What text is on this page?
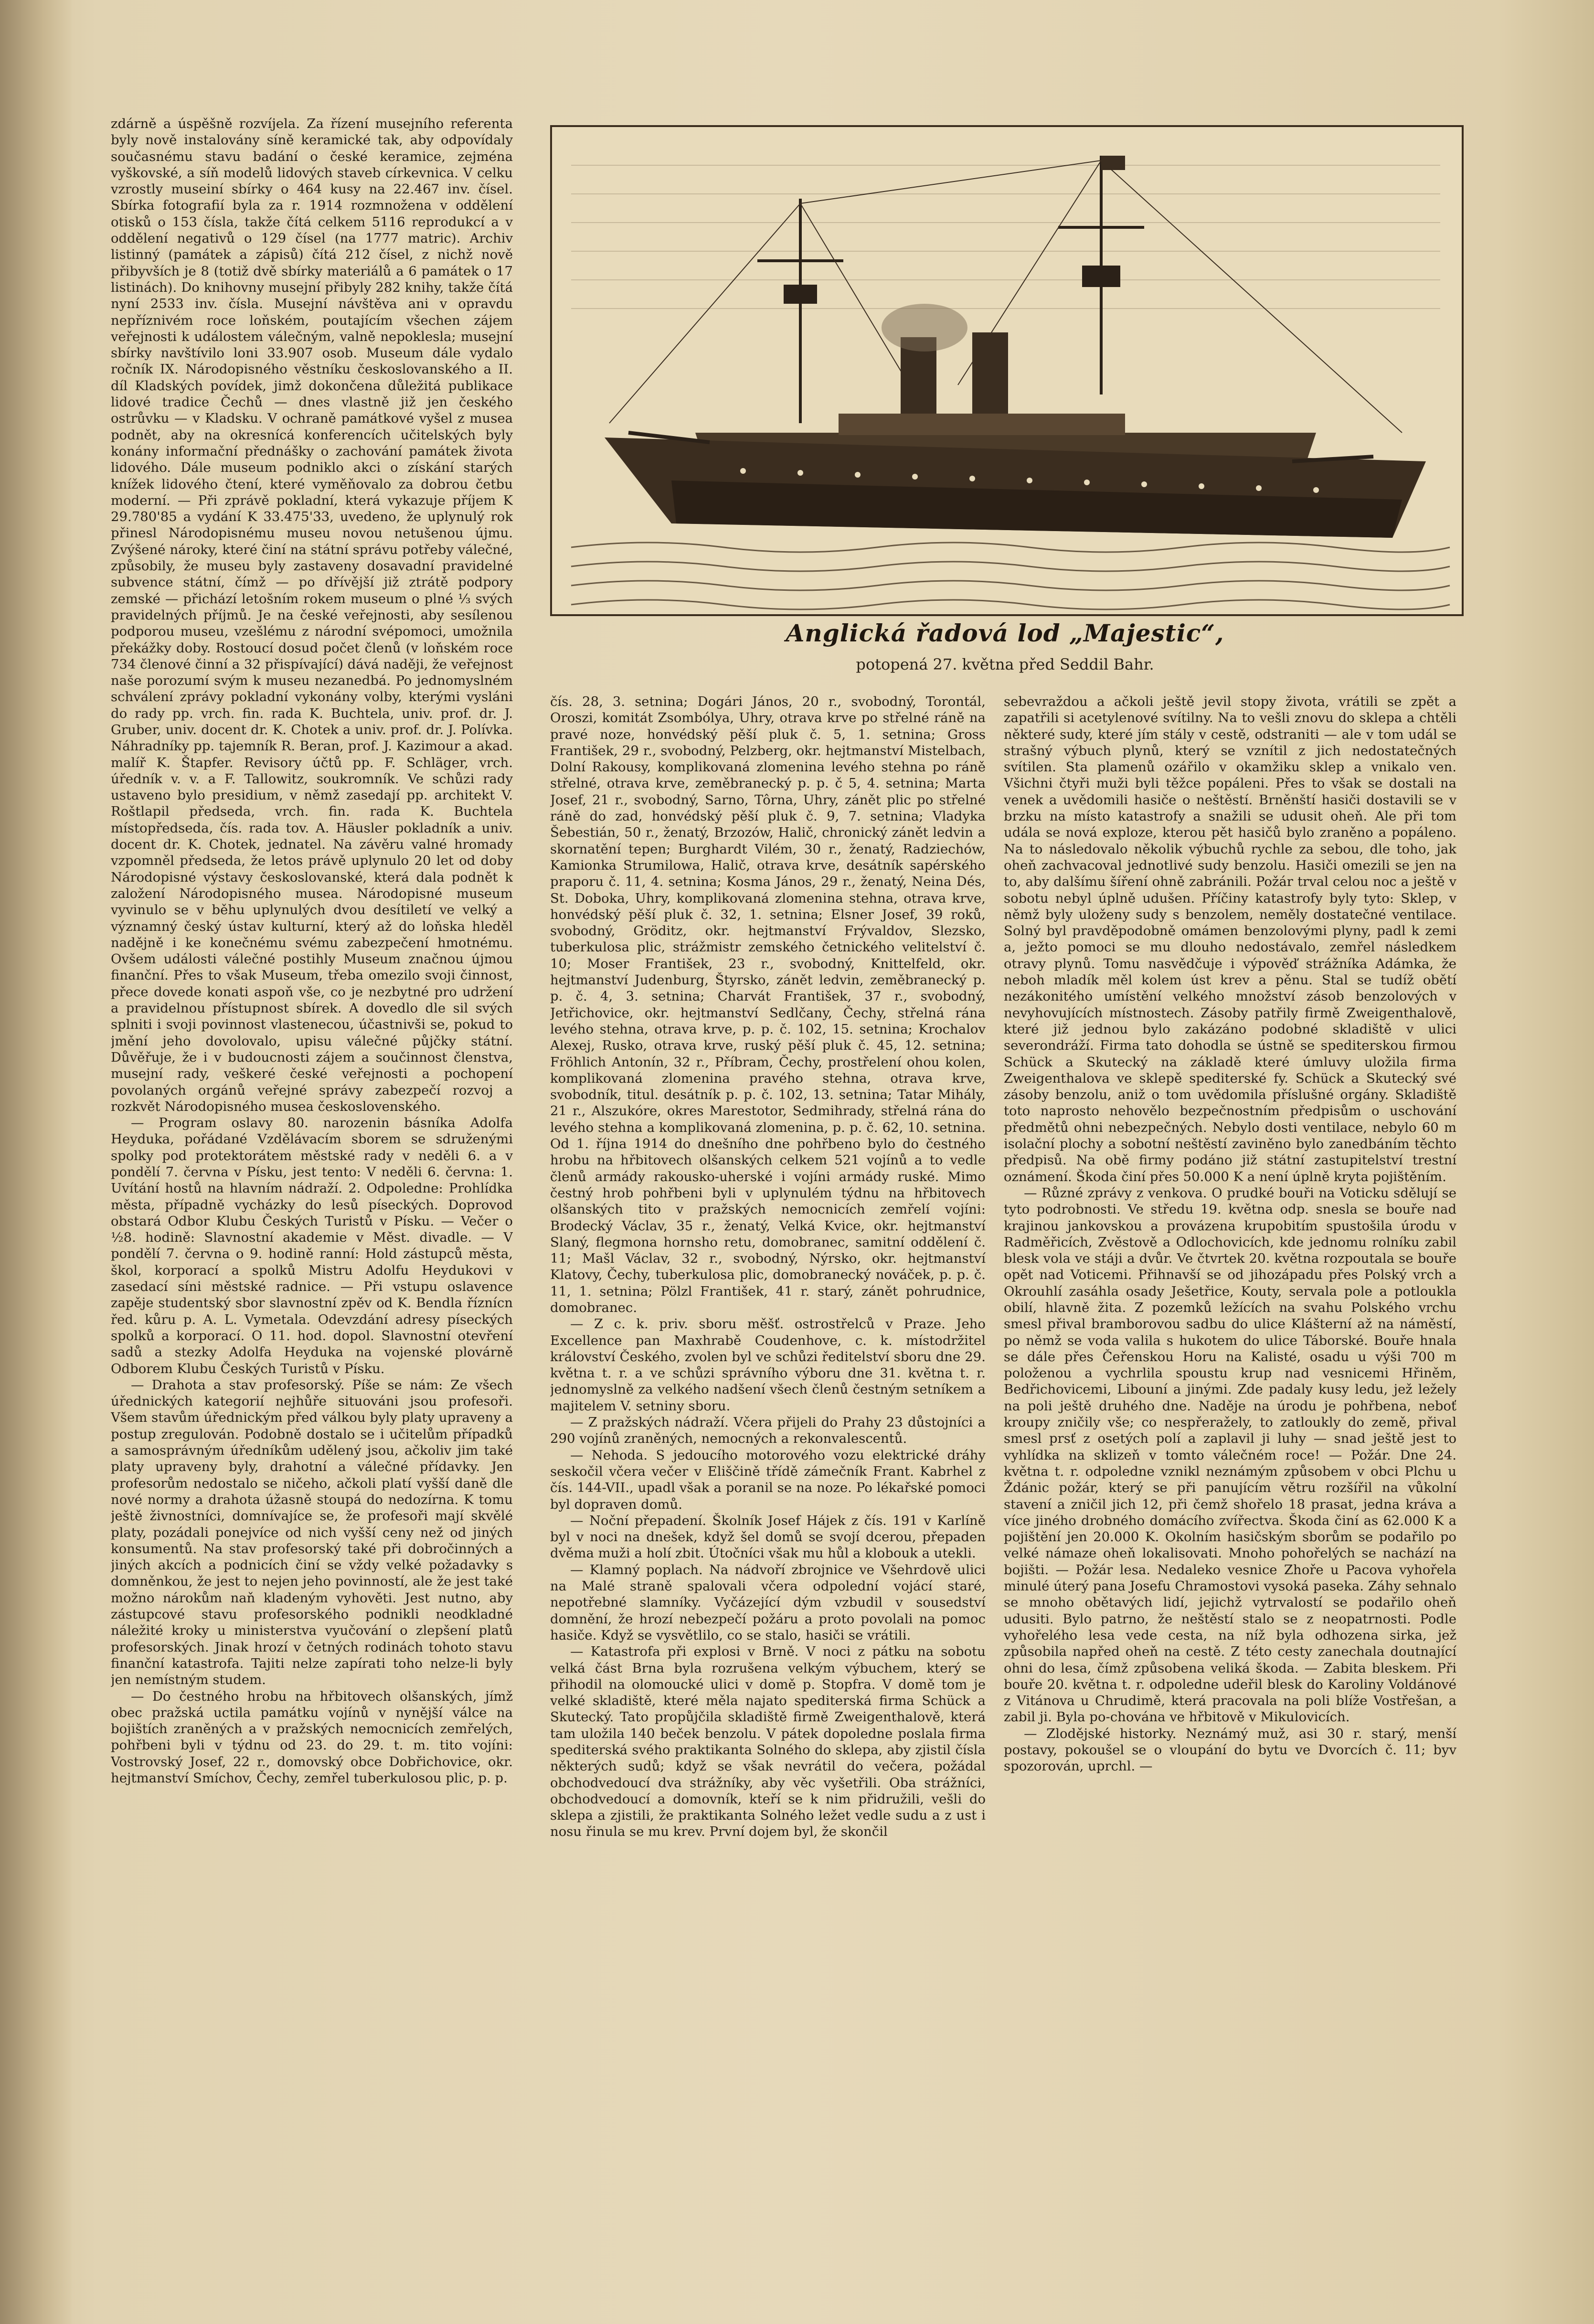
zdárně a úspěšně rozvíjela. Za řízení musejního referenta byly nově instalovány síně keramické tak, aby odpovídaly současnému stavu badání o české keramice, zejména vyškovské, a síň modelů lidových staveb církevnica. V celku vzrostly museiní sbírky o 464 kusy na 22.467 inv. čísel. Sbírka fotografií byla za r. 1914 rozmnožena v oddělení otisků o 153 čísla, takže čítá celkem 5116 reprodukcí a v oddělení negativů o 129 čísel (na 1777 matric). Archiv listinný (památek a zápisů) čítá 212 čísel, z nichž nově přibyvších je 8 (totiž dvě sbírky materiálů a 6 památek o 17 listinách). Do knihovny musejní přibyly 282 knihy, takže čítá nyní 2533 inv. čísla. Musejní návštěva ani v opravdu nepříznivém roce loňském, poutajícím všechen zájem veřejnosti k událostem válečným, valně nepoklesla; musejní sbírky navštívilo loni 33.907 osob. Museum dále vydalo ročník IX. Národopisného věstníku českoslovanského a II. díl Kladských povídek, jimž dokončena důležitá publikace lidové tradice Čechů — dnes vlastně již jen českého ostrůvku — v Kladsku. V ochraně památkové vyšel z musea podnět, aby na okresnícá konferencích učitelských byly konány informační přednášky o zachování památek života lidového. Dále museum podniklo akci o získání starých knížek lidového čtení, které vyměňovalo za dobrou četbu moderní. — Při zprávě pokladní, která vykazuje příjem K 29.780'85 a vydání K 33.475'33, uvedeno, že uplynulý rok přinesl Národopisnému museu novou netušenou újmu. Zvýšené nároky, které činí na státní správu potřeby válečné, způsobily, že museu byly zastaveny dosavadní pravidelné subvence státní, čímž — po dřívější již ztrátě podpory zemské — přichází letošním rokem museum o plné ⅓ svých pravidelných příjmů. Je na české veřejnosti, aby sesílenou podporou museu, vzešlému z národní svépomoci, umožnila překážky doby. Rostoucí dosud počet členů (v loňském roce 734 členové činní a 32 přispívající) dává naději, že veřejnost naše porozumí svým k museu nezanedbá. Po jednomyslném schválení zprávy pokladní vykonány volby, kterými vysláni do rady pp. vrch. fin. rada K. Buchtela, univ. prof. dr. J. Gruber, univ. docent dr. K. Chotek a univ. prof. dr. J. Polívka. Náhradníky pp. tajemník R. Beran, prof. J. Kazimour a akad. malíř K. Štapfer. Revisory účtů pp. F. Schläger, vrch. úředník v. v. a F. Tallowitz, soukromník. Ve schůzi rady ustaveno bylo presidium, v němž zasedají pp. architekt V. Roštlapil předseda, vrch. fin. rada K. Buchtela místopředseda, čís. rada tov. A. Häusler pokladník a univ. docent dr. K. Chotek, jednatel. Na závěru valné hromady vzpomněl předseda, že letos právě uplynulo 20 let od doby Národopisné výstavy českoslovanské, která dala podnět k založení Národopisného musea. Národopisné museum vyvinulo se v běhu uplynulých dvou desítiletí ve velký a významný český ústav kulturní, který až do loňska hleděl nadějně i ke konečnému svému zabezpečení hmotnému. Ovšem události válečné postihly Museum značnou újmou finanční. Přes to však Museum, třeba omezilo svoji činnost, přece dovede konati aspoň vše, co je nezbytné pro udržení a pravidelnou přístupnost sbírek. A dovedlo dle sil svých splniti i svoji povinnost vlastenecou, účastnivši se, pokud to jmění jeho dovolovalo, upisu válečné půjčky státní. Důvěřuje, že i v budoucnosti zájem a součinnost členstva, musejní rady, veškeré české veřejnosti a pochopení povolaných orgánů veřejné správy zabezpečí rozvoj a rozkvět Národopisného musea československého.

— Program oslavy 80. narozenin básníka Adolfa Heyduka, pořádané Vzdělávacím sborem se sdruženými spolky pod protektorátem městské rady v neděli 6. a v pondělí 7. června v Písku, jest tento: V neděli 6. června: 1. Uvítání hostů na hlavním nádraží. 2. Odpoledne: Prohlídka města, případně vycházky do lesů píseckých. Doprovod obstará Odbor Klubu Českých Turistů v Písku. — Večer o ½8. hodině: Slavnostní akademie v Měst. divadle. — V pondělí 7. června o 9. hodině ranní: Hold zástupců města, škol, korporací a spolků Mistru Adolfu Heydukovi v zasedací síni městské radnice. — Při vstupu oslavence zapěje studentský sbor slavnostní zpěv od K. Bendla říznícn řed. kůru p. A. L. Vymetala. Odevzdání adresy píseckých spolků a korporací. O 11. hod. dopol. Slavnostní otevření sadů a stezky Adolfa Heyduka na vojenské plovárně Odborem Klubu Českých Turistů v Písku.

— Drahota a stav profesorský. Píše se nám: Ze všech úřednických kategorií nejhůře situováni jsou profesoři. Všem stavům úřednickým před válkou byly platy upraveny a postup zregulován. Podobně dostalo se i učitelům případků a samosprávným úředníkům udělený jsou, ačkoliv jim také platy upraveny byly, drahotní a válečné přídavky. Jen profesorům nedostalo se ničeho, ačkoli platí vyšší daně dle nové normy a drahota úžasně stoupá do nedozírna. K tomu ještě živnostníci, domnívajíce se, že profesoři mají skvělé platy, pozádali ponejvíce od nich vyšší ceny než od jiných konsumentů. Na stav profesorský také při dobročinných a jiných akcích a podnicích činí se vždy velké požadavky s domněnkou, že jest to nejen jeho povinností, ale že jest také možno nárokům naň kladeným vyhověti. Jest nutno, aby zástupcové stavu profesorského podnikli neodkladné náležité kroky u ministerstva vyučování o zlepšení platů profesorských. Jinak hrozí v četných rodinách tohoto stavu finanční katastrofa. Tajiti nelze zapírati toho nelze-li byly jen nemístným studem.

— Do čestného hrobu na hřbitovech olšanských, jímž obec pražská uctila památku vojínů v nynější válce na bojištích zraněných a v pražských nemocnicích zemřelých, pohřbeni byli v týdnu od 23. do 29. t. m. tito vojíni: Vostrovský Josef, 22 r., domovský obce Dobřichovice, okr. hejtmanství Smíchov, Čechy, zemřel tuberkulosou plic, p. p.

Anglická řadová lod „Majestic“,
potopená 27. května před Seddil Bahr.

čís. 28, 3. setnina; Dogári János, 20 r., svobodný, Torontál, Oroszi, komitát Zsombólya, Uhry, otrava krve po střelné ráně na pravé noze, honvédský pěší pluk č. 5, 1. setnina; Gross František, 29 r., svobodný, Pelzberg, okr. hejtmanství Mistelbach, Dolní Rakousy, komplikovaná zlomenina levého stehna po ráně střelné, otrava krve, zeměbranecký p. p. č 5, 4. setnina; Marta Josef, 21 r., svobodný, Sarno, Tôrna, Uhry, zánět plic po střelné ráně do zad, honvédský pěší pluk č. 9, 7. setnina; Vladyka Šebestián, 50 r., ženatý, Brzozów, Halič, chronický zánět ledvin a skornatění tepen; Burghardt Vilém, 30 r., ženatý, Radziechów, Kamionka Strumilowa, Halič, otrava krve, desátník sapérského praporu č. 11, 4. setnina; Kosma János, 29 r., ženatý, Neina Dés, St. Doboka, Uhry, komplikovaná zlomenina stehna, otrava krve, honvédský pěší pluk č. 32, 1. setnina; Elsner Josef, 39 roků, svobodný, Gröditz, okr. hejtmanství Frývaldov, Slezsko, tuberkulosa plic, strážmistr zemského četnického velitelství č. 10; Moser František, 23 r., svobodný, Knittelfeld, okr. hejtmanství Judenburg, Štyrsko, zánět ledvin, zeměbranecký p. p. č. 4, 3. setnina; Charvát František, 37 r., svobodný, Jetřichovice, okr. hejtmanství Sedlčany, Čechy, střelná rána levého stehna, otrava krve, p. p. č. 102, 15. setnina; Krochalov Alexej, Rusko, otrava krve, ruský pěší pluk č. 45, 12. setnina; Fröhlich Antonín, 32 r., Příbram, Čechy, prostřelení ohou kolen, komplikovaná zlomenina pravého stehna, otrava krve, svobodník, titul. desátník p. p. č. 102, 13. setnina; Tatar Mihály, 21 r., Alszukóre, okres Marestotor, Sedmihrady, střelná rána do levého stehna a komplikovaná zlomenina, p. p. č. 62, 10. setnina. Od 1. října 1914 do dnešního dne pohřbeno bylo do čestného hrobu na hřbitovech olšanských celkem 521 vojínů a to vedle členů armády rakousko-uherské i vojíni armády ruské. Mimo čestný hrob pohřbeni byli v uplynulém týdnu na hřbitovech olšanských tito v pražských nemocnicích zemřelí vojíni: Brodecký Václav, 35 r., ženatý, Velká Kvice, okr. hejtmanství Slaný, flegmona hornsho retu, domobranec, samitní oddělení č. 11; Mašl Václav, 32 r., svobodný, Nýrsko, okr. hejtmanství Klatovy, Čechy, tuberkulosa plic, domobranecký nováček, p. p. č. 11, 1. setnina; Pölzl František, 41 r. starý, zánět pohrudnice, domobranec.

— Z c. k. priv. sboru měšť. ostrostřelců v Praze. Jeho Excellence pan Maxhrabě Coudenhove, c. k. místodržitel království Českého, zvolen byl ve schůzi ředitelství sboru dne 29. května t. r. a ve schůzi správního výboru dne 31. května t. r. jednomyslně za velkého nadšení všech členů čestným setníkem a majitelem V. setniny sboru.

— Z pražských nádraží. Včera přijeli do Prahy 23 důstojníci a 290 vojínů zraněných, nemocných a rekonvalescentů.

— Nehoda. S jedoucího motorového vozu elektrické dráhy seskočil včera večer v Eliščině třídě zámečník Frant. Kabrhel z čís. 144-VII., upadl však a poranil se na noze. Po lékařské pomoci byl dopraven domů.

— Noční přepadení. Školník Josef Hájek z čís. 191 v Karlíně byl v noci na dnešek, když šel domů se svojí dcerou, přepaden dvěma muži a holí zbit. Útočníci však mu hůl a klobouk a utekli.

— Klamný poplach. Na nádvoří zbrojnice ve Všehrdově ulici na Malé straně spalovali včera odpolední vojácí staré, nepotřebné slamníky. Vyčázející dým vzbudil v sousedství domnění, že hrozí nebezpečí požáru a proto povolali na pomoc hasiče. Když se vysvětlilo, co se stalo, hasiči se vrátili.

— Katastrofa při explosi v Brně. V noci z pátku na sobotu velká část Brna byla rozrušena velkým výbuchem, který se přihodil na olomoucké ulici v domě p. Stopfra. V domě tom je velké skladiště, které měla najato spediterská firma Schück a Skutecký. Tato propůjčila skladiště firmě Zweigenthalově, která tam uložila 140 beček benzolu. V pátek dopoledne poslala firma spediterská svého praktikanta Solného do sklepa, aby zjistil čísla některých sudů; když se však nevrátil do večera, požádal obchodvedoucí dva strážníky, aby věc vyšetřili. Oba strážníci, obchodvedoucí a domovník, kteří se k nim přidružili, vešli do sklepa a zjistili, že praktikanta Solného ležet vedle sudu a z ust i nosu řinula se mu krev. První dojem byl, že skončil

sebevraždou a ačkoli ještě jevil stopy života, vrátili se zpět a zapatřili si acetylenové svítilny. Na to vešli znovu do sklepa a chtěli některé sudy, které jím stály v cestě, odstraniti — ale v tom udál se strašný výbuch plynů, který se vznítil z jich nedostatečných svítilen. Sta plamenů ozářilo v okamžiku sklep a vnikalo ven. Všichni čtyři muži byli těžce popáleni. Přes to však se dostali na venek a uvědomili hasiče o neštěstí. Brněnští hasiči dostavili se v brzku na místo katastrofy a snažili se udusit oheň. Ale při tom udála se nová exploze, kterou pět hasičů bylo zraněno a popáleno. Na to následovalo několik výbuchů rychle za sebou, dle toho, jak oheň zachvacoval jednotlivé sudy benzolu. Hasiči omezili se jen na to, aby dalšímu šíření ohně zabránili. Požár trval celou noc a ještě v sobotu nebyl úplně udušen. Příčiny katastrofy byly tyto: Sklep, v němž byly uloženy sudy s benzolem, neměly dostatečné ventilace. Solný byl pravděpodobně omámen benzolovými plyny, padl k zemi a, ježto pomoci se mu dlouho nedostávalo, zemřel následkem otravy plynů. Tomu nasvědčuje i výpověď strážníka Adámka, že neboh mladík měl kolem úst krev a pěnu. Stal se tudíž obětí nezákonitého umístění velkého množství zásob benzolových v nevyhovujících místnostech. Zásoby patřily firmě Zweigenthalově, které již jednou bylo zakázáno podobné skladiště v ulici severondráží. Firma tato dohodla se ústně se spediterskou firmou Schück a Skutecký na základě které úmluvy uložila firma Zweigenthalova ve sklepě spediterské fy. Schück a Skutecký své zásoby benzolu, aniž o tom uvědomila příslušné orgány. Skladiště toto naprosto nehovělo bezpečnostním předpisům o uschování předmětů ohni nebezpečných. Nebylo dosti ventilace, nebylo 60 m isolační plochy a sobotní neštěstí zaviněno bylo zanedbáním těchto předpisů. Na obě firmy podáno již státní zastupitelství trestní oznámení. Škoda činí přes 50.000 K a není úplně kryta pojištěním.

— Různé zprávy z venkova. O prudké bouři na Voticku sdělují se tyto podrobnosti. Ve středu 19. května odp. snesla se bouře nad krajinou jankovskou a provázena krupobitím spustošila úrodu v Radměřicích, Zvěstově a Odlochovicích, kde jednomu rolníku zabil blesk vola ve stáji a dvůr. Ve čtvrtek 20. května rozpoutala se bouře opět nad Voticemi. Přihnavší se od jihozápadu přes Polský vrch a Okrouhlí zasáhla osady Ješetřice, Kouty, servala pole a potloukla obilí, hlavně žita. Z pozemků ležících na svahu Polského vrchu smesl přival bramborovou sadbu do ulice Klášterní až na náměstí, po němž se voda valila s hukotem do ulice Táborské. Bouře hnala se dále přes Čeřenskou Horu na Kalisté, osadu u výši 700 m položenou a vychrlila spoustu krup nad vesnicemi Hřiněm, Bedřichovicemi, Libouní a jinými. Zde padaly kusy ledu, jež ležely na poli ještě druhého dne. Naděje na úrodu je pohřbena, neboť kroupy zničily vše; co nespřeražely, to zatloukly do země, přival smesl prsť z osetých polí a zaplavil ji luhy — snad ještě jest to vyhlídka na sklizeň v tomto válečném roce! — Požár. Dne 24. května t. r. odpoledne vznikl neznámým způsobem v obci Plchu u Ždánic požár, který se při panujícím větru rozšířil na vůkolní stavení a zničil jich 12, při čemž shořelo 18 prasat, jedna kráva a více jiného drobného domácího zvířectva. Škoda činí as 62.000 K a pojištění jen 20.000 K. Okolním hasičským sborům se podařilo po velké námaze oheň lokalisovati. Mnoho pohořelých se nachází na bojišti. — Požár lesa. Nedaleko vesnice Zhoře u Pacova vyhořela minulé úterý pana Josefu Chramostovi vysoká paseka. Záhy sehnalo se mnoho obětavých lidí, jejichž vytrvalostí se podařilo oheň udusiti. Bylo patrno, že neštěstí stalo se z neopatrnosti. Podle vyhořelého lesa vede cesta, na níž byla odhozena sirka, jež způsobila napřed oheň na cestě. Z této cesty zanechala doutnající ohni do lesa, čímž způsobena veliká škoda. — Zabita bleskem. Při bouře 20. května t. r. odpoledne udeřil blesk do Karoliny Voldánové z Vitánova u Chrudimě, která pracovala na poli blíže Vostřešan, a zabil ji. Byla po-chována ve hřbitově v Mikulovicích.

— Zlodějské historky. Neznámý muž, asi 30 r. starý, menší postavy, pokoušel se o vloupání do bytu ve Dvorcích č. 11; byv spozorován, uprchl. —
